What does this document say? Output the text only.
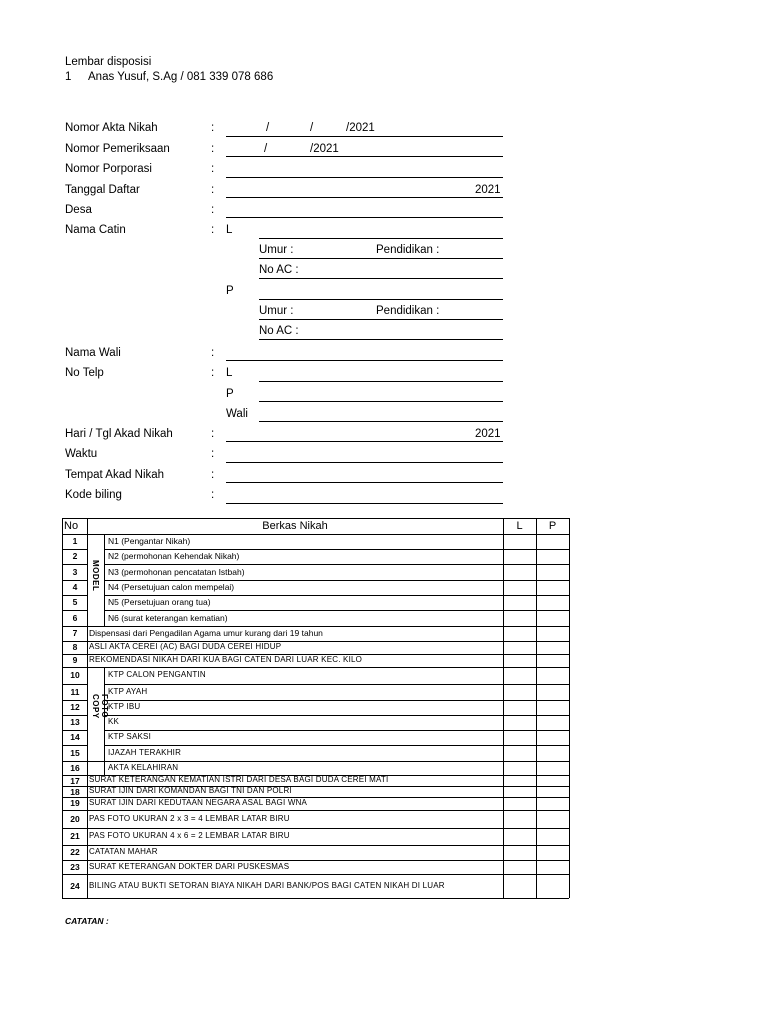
Lembar disposisi
1 Anas Yusuf, S.Ag / 081 339 078 686
Nomor Akta Nikah	:	/	/	/2021
Nomor Pemeriksaan	:	/	/2021
Nomor Porporasi	:
Tanggal Daftar	:	2021
Desa	:
Nama Catin	: L
Umur :	Pendidikan :
No AC :
P
Umur :	Pendidikan :
No AC :
Nama Wali	:
No Telp	: L
P
Wali
Hari / Tgl Akad Nikah	:	2021
Waktu	:
Tempat Akad Nikah	:
Kode biling	:
No	Berkas Nikah	L	P
MODEL
FOTO COPY
1	N1 (Pengantar Nikah)
2	N2 (permohonan Kehendak Nikah)
3	N3 (permohonan pencatatan Istbah)
4	N4 (Persetujuan calon mempelai)
5	N5 (Persetujuan orang tua)
6	N6 (surat keterangan kematian)
7	Dispensasi dari Pengadilan Agama umur kurang dari 19 tahun
8	ASLI AKTA CEREI (AC) BAGI DUDA CEREI HIDUP
9	REKOMENDASI NIKAH DARI KUA BAGI CATEN DARI LUAR KEC. KILO
10	KTP CALON PENGANTIN
11	KTP AYAH
12	KTP IBU
13	KK
14	KTP SAKSI
15	IJAZAH TERAKHIR
16	AKTA KELAHIRAN
17	SURAT KETERANGAN KEMATIAN ISTRI DARI DESA BAGI DUDA CEREI MATI
18	SURAT IJIN DARI KOMANDAN BAGI TNI DAN POLRI
19	SURAT IJIN DARI KEDUTAAN NEGARA ASAL BAGI WNA
20	PAS FOTO UKURAN 2 x 3 = 4 LEMBAR LATAR BIRU
21	PAS FOTO UKURAN 4 x 6 = 2 LEMBAR LATAR BIRU
22	CATATAN MAHAR
23	SURAT KETERANGAN DOKTER DARI PUSKESMAS
24	BILING ATAU BUKTI SETORAN BIAYA NIKAH DARI BANK/POS BAGI CATEN NIKAH DI LUAR
CATATAN :
